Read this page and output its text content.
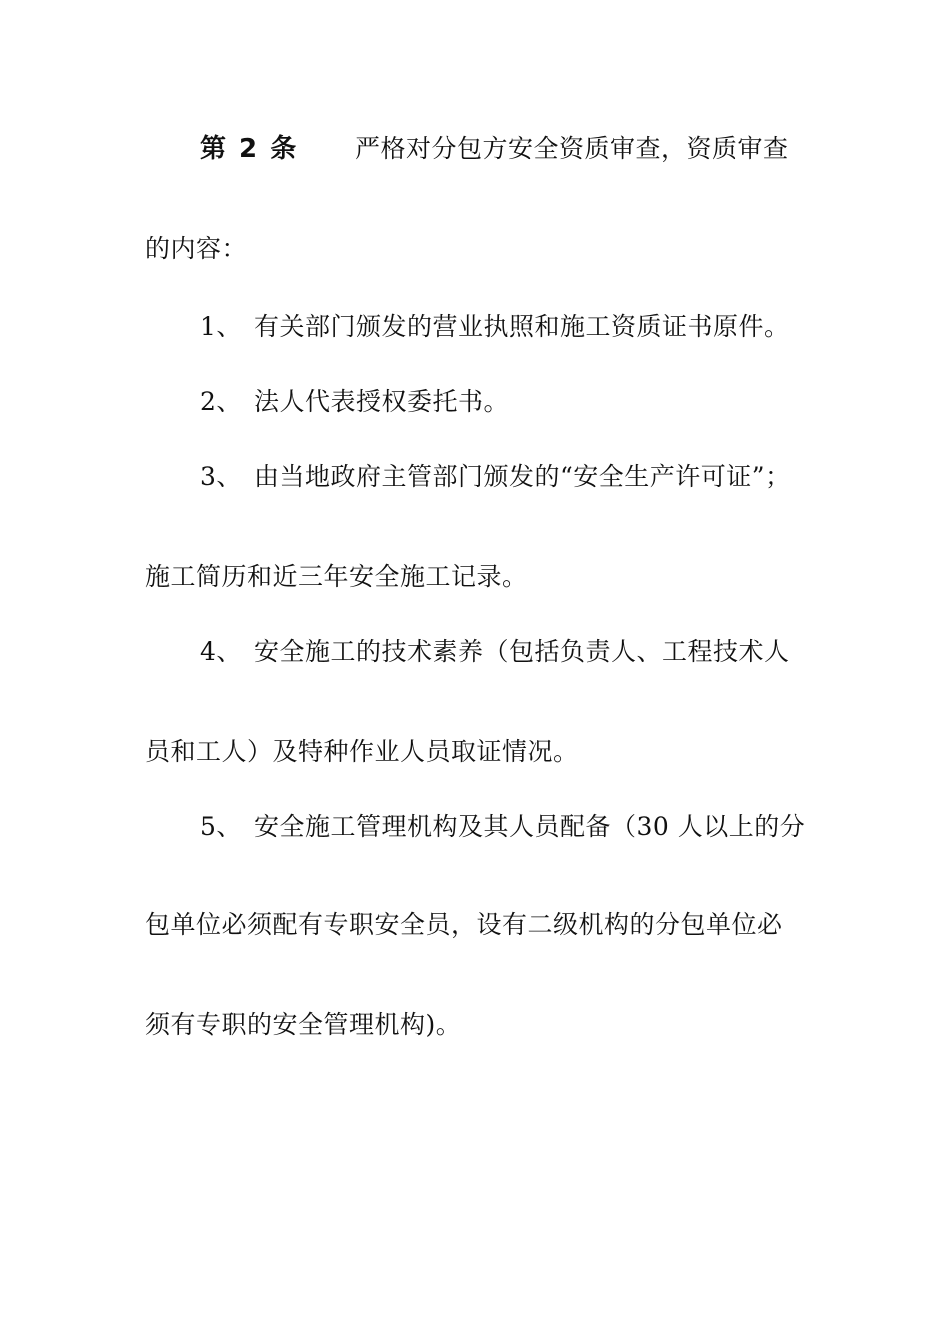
第 2 条 严格对分包方安全资质审查，资质审查
的内容：
1、 有关部门颁发的营业执照和施工资质证书原件。
2、 法人代表授权委托书。
3、 由当地政府主管部门颁发的“安全生产许可证”；
施工简历和近三年安全施工记录。
4、 安全施工的技术素养（包括负责人、工程技术人
员和工人）及特种作业人员取证情况。
5、 安全施工管理机构及其人员配备（30 人以上的分
包单位必须配有专职安全员，设有二级机构的分包单位必
须有专职的安全管理机构)。
